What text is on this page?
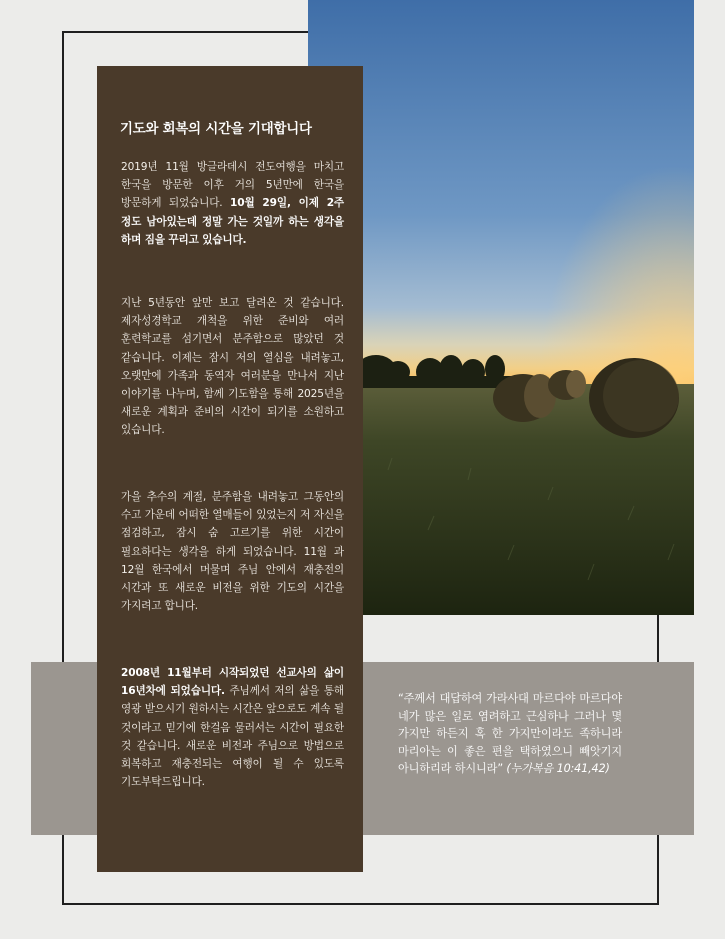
기도와 회복의 시간을 기대합니다

2019년 11월 방글라데시 전도여행을 마치고 한국을 방문한 이후 거의 5년만에 한국을 방문하게 되었습니다. 10월 29일, 이제 2주 정도 남아있는데 정말 가는 것일까 하는 생각을 하며 짐을 꾸리고 있습니다.

지난 5년동안 앞만 보고 달려온 것 같습니다. 제자성경학교 개척을 위한 준비와 여러 훈련학교를 섬기면서 분주함으로 많았던 것 같습니다. 이제는 잠시 저의 열심을 내려놓고, 오랫만에 가족과 동역자 여러분을 만나서 지난 이야기를 나누며, 함께 기도함을 통해 2025년을 새로운 계획과 준비의 시간이 되기를 소원하고 있습니다.

가을 추수의 계절, 분주함을 내려놓고 그동안의 수고 가운데 어떠한 열매들이 있었는지 저 자신을 점검하고, 잠시 숨 고르기를 위한 시간이 필요하다는 생각을 하게 되었습니다. 11월 과 12월 한국에서 머물며 주님 안에서 재충전의 시간과 또 새로운 비전을 위한 기도의 시간을 가지려고 합니다.

2008년 11월부터 시작되었던 선교사의 삶이 16년차에 되었습니다. 주님께서 저의 삶을 통해 영광 받으시기 원하시는 시간은 앞으로도 계속 될 것이라고 믿기에 한걸음 물러서는 시간이 필요한 것 같습니다. 새로운 비전과 주님으로 방법으로 회복하고 재충전되는 여행이 될 수 있도록 기도부탁드립니다.

“주께서 대답하여 가라사대 마르다야 마르다야 네가 많은 일로 염려하고 근심하나 그러나 몇 가지만 하든지 혹 한 가지만이라도 족하니라 마리아는 이 좋은 편을 택하였으니 빼앗기지 아니하리라 하시니라” (누가복음 10:41,42)
